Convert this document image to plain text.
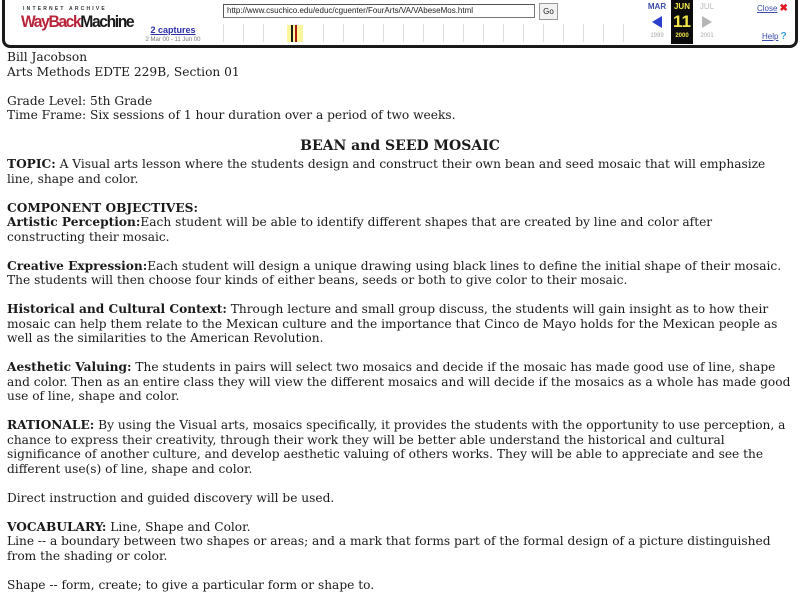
INTERNET ARCHIVE
WayBackMachine	2 captures
2 Mar 00 - 11 Jun 00
http://www.csuchico.edu/educ/cguenter/FourArts/VA/VAbeseMos.html	Go
MAR
1999
JUN
11
2000
JUL
2001
Close ✖
Help ?

Bill Jacobson
Arts Methods EDTE 229B, Section 01

Grade Level: 5th Grade
Time Frame: Six sessions of 1 hour duration over a period of two weeks.

BEAN and SEED MOSAIC

TOPIC: A Visual arts lesson where the students design and construct their own bean and seed mosaic that will emphasize line, shape and color.

COMPONENT OBJECTIVES:
Artistic Perception:Each student will be able to identify different shapes that are created by line and color after constructing their mosaic.

Creative Expression:Each student will design a unique drawing using black lines to define the initial shape of their mosaic. The students will then choose four kinds of either beans, seeds or both to give color to their mosaic.

Historical and Cultural Context: Through lecture and small group discuss, the students will gain insight as to how their mosaic can help them relate to the Mexican culture and the importance that Cinco de Mayo holds for the Mexican people as well as the similarities to the American Revolution.

Aesthetic Valuing: The students in pairs will select two mosaics and decide if the mosaic has made good use of line, shape and color. Then as an entire class they will view the different mosaics and will decide if the mosaics as a whole has made good use of line, shape and color.

RATIONALE: By using the Visual arts, mosaics specifically, it provides the students with the opportunity to use perception, a chance to express their creativity, through their work they will be better able understand the historical and cultural significance of another culture, and develop aesthetic valuing of others works. They will be able to appreciate and see the different use(s) of line, shape and color.

Direct instruction and guided discovery will be used.

VOCABULARY: Line, Shape and Color.
Line -- a boundary between two shapes or areas; and a mark that forms part of the formal design of a picture distinguished from the shading or color.

Shape -- form, create; to give a particular form or shape to.
